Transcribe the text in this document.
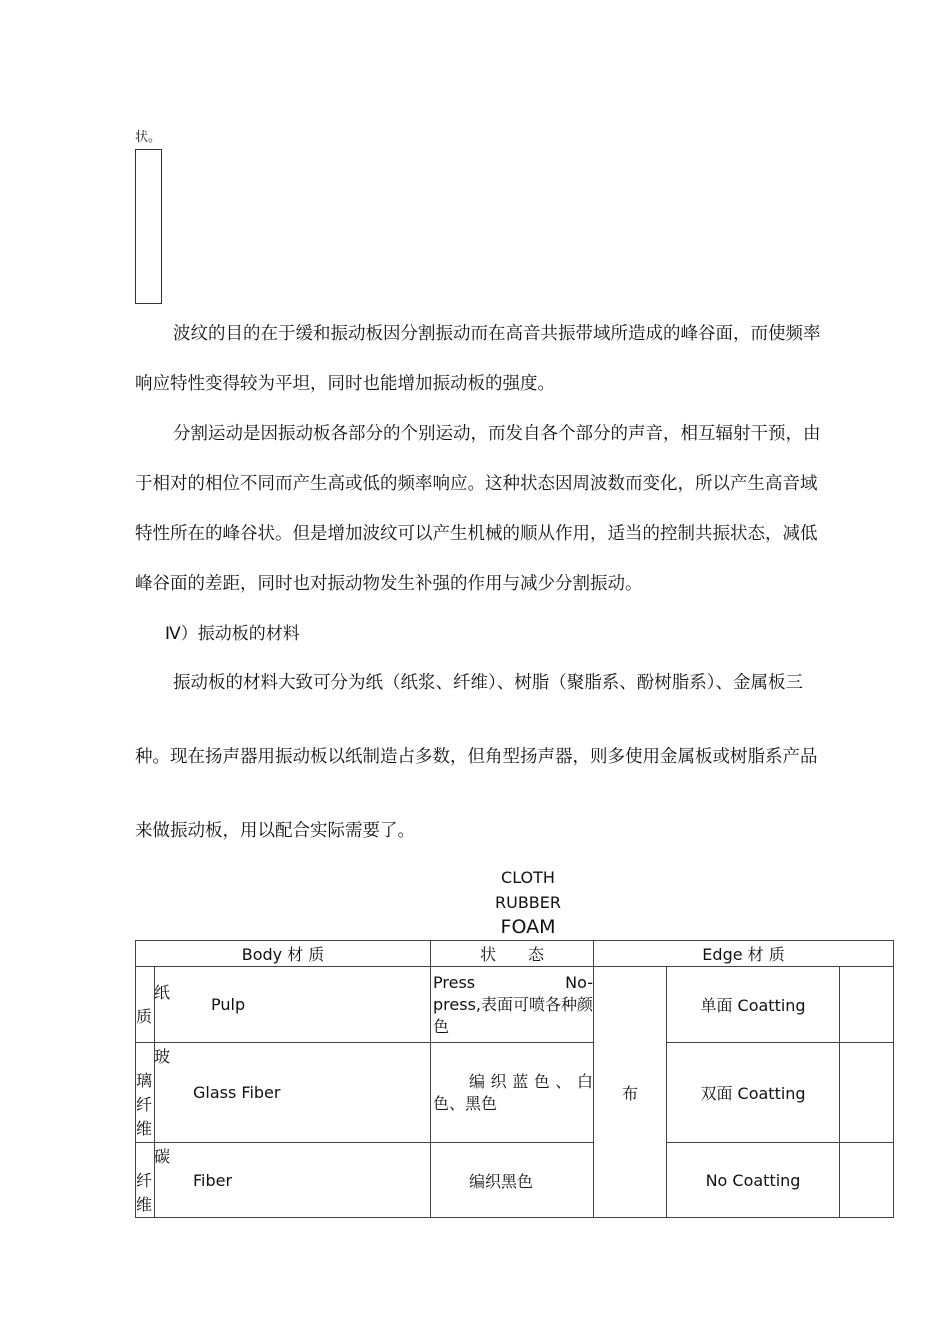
状。
波纹的目的在于缓和振动板因分割振动而在高音共振带域所造成的峰谷面，而使频率
响应特性变得较为平坦，同时也能增加振动板的强度。
分割运动是因振动板各部分的个别运动，而发自各个部分的声音，相互辐射干预，由
于相对的相位不同而产生高或低的频率响应。这种状态因周波数而变化，所以产生高音域
特性所在的峰谷状。但是增加波纹可以产生机械的顺从作用，适当的控制共振状态，减低
峰谷面的差距，同时也对振动物发生补强的作用与减少分割振动。
Ⅳ）振动板的材料
振动板的材料大致可分为纸（纸浆、纤维）、树脂（聚脂系、酚树脂系）、金属板三
种。现在扬声器用振动板以纸制造占多数，但角型扬声器，则多使用金属板或树脂系产品
来做振动板，用以配合实际需要了。
CLOTH
RUBBER
FOAM
Body 材 质		状　　态	Edge 材 质		

纸
质	Pulp	Press　　　No-press,表面可喷各种颜色	布	单面 Coatting	

玻
璃
纤
维	Glass Fiber	编 织 蓝 色 、 白色、黑色		双面 Coatting	

碳
纤
维	Fiber	编织黑色		No Coatting	
